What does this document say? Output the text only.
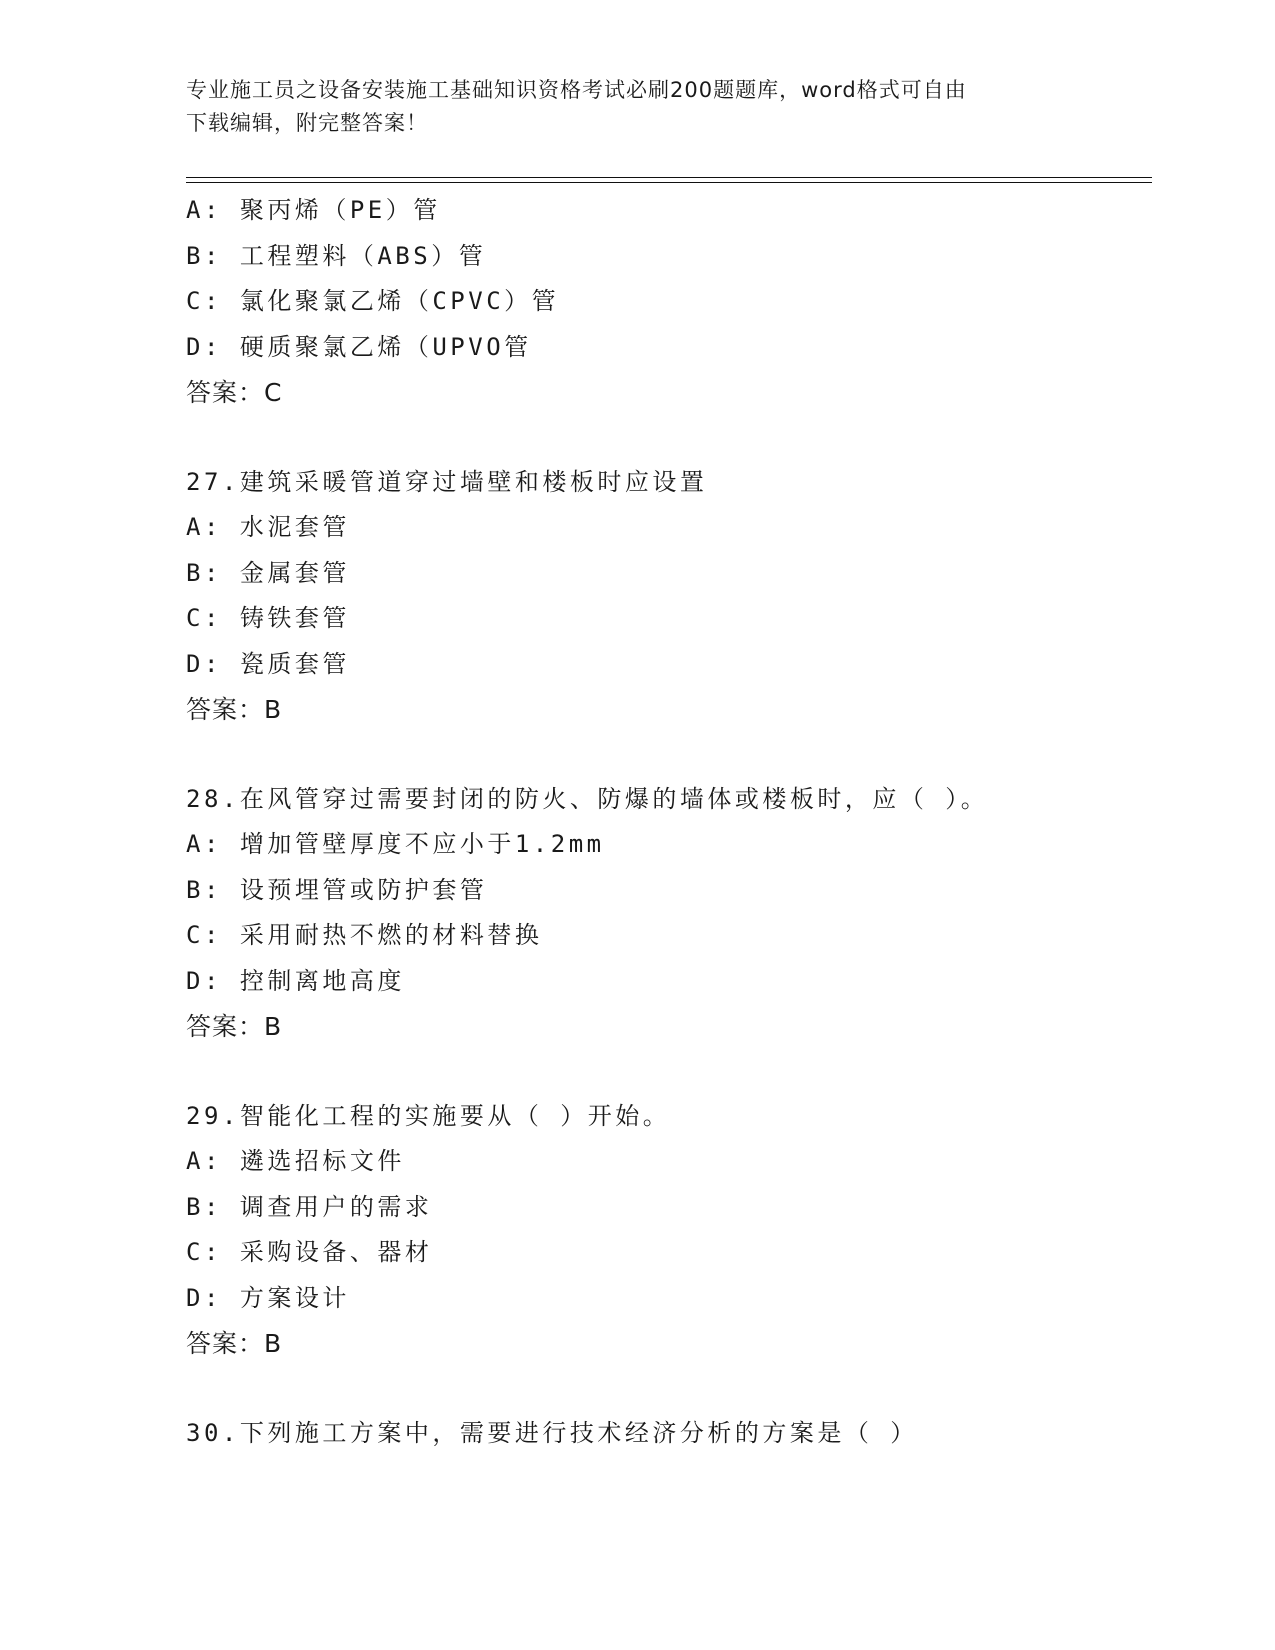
专业施工员之设备安装施工基础知识资格考试必刷200题题库，word格式可自由
下载编辑，附完整答案！
A: 聚丙烯（PE）管
B: 工程塑料（ABS）管
C: 氯化聚氯乙烯（CPVC）管
D: 硬质聚氯乙烯（UPVO管
答案：C
27.建筑采暖管道穿过墙壁和楼板时应设置
A: 水泥套管
B: 金属套管
C: 铸铁套管
D: 瓷质套管
答案：B
28.在风管穿过需要封闭的防火、防爆的墙体或楼板时，应（ ）。
A: 增加管壁厚度不应小于1.2mm
B: 设预埋管或防护套管
C: 采用耐热不燃的材料替换
D: 控制离地高度
答案：B
29.智能化工程的实施要从（ ）开始。
A: 遴选招标文件
B: 调查用户的需求
C: 采购设备、器材
D: 方案设计
答案：B
30.下列施工方案中，需要进行技术经济分析的方案是（ ）
